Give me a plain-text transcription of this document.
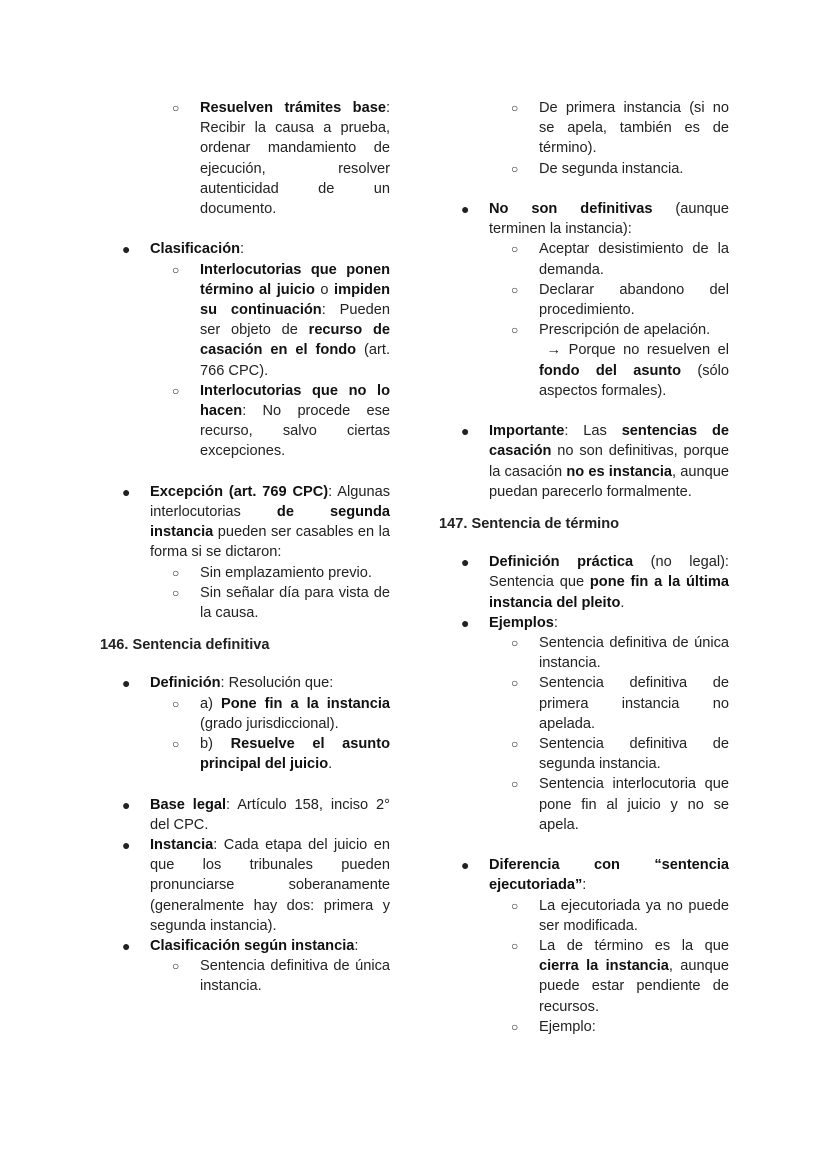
○ Resuelven trámites base: Recibir la causa a prueba, ordenar mandamiento de ejecución, resolver autenticidad de un documento.
● Clasificación:
○ Interlocutorias que ponen término al juicio o impiden su continuación: Pueden ser objeto de recurso de casación en el fondo (art. 766 CPC).
○ Interlocutorias que no lo hacen: No procede ese recurso, salvo ciertas excepciones.
● Excepción (art. 769 CPC): Algunas interlocutorias de segunda instancia pueden ser casables en la forma si se dictaron:
○ Sin emplazamiento previo.
○ Sin señalar día para vista de la causa.

146. Sentencia definitiva

● Definición: Resolución que:
○ a) Pone fin a la instancia (grado jurisdiccional).
○ b) Resuelve el asunto principal del juicio.
● Base legal: Artículo 158, inciso 2° del CPC.
● Instancia: Cada etapa del juicio en que los tribunales pueden pronunciarse soberanamente (generalmente hay dos: primera y segunda instancia).
● Clasificación según instancia:
○ Sentencia definitiva de única instancia.
○ De primera instancia (si no se apela, también es de término).
○ De segunda instancia.
● No son definitivas (aunque terminen la instancia):
○ Aceptar desistimiento de la demanda.
○ Declarar abandono del procedimiento.
○ Prescripción de apelación.
→ Porque no resuelven el fondo del asunto (sólo aspectos formales).
● Importante: Las sentencias de casación no son definitivas, porque la casación no es instancia, aunque puedan parecerlo formalmente.

147. Sentencia de término

● Definición práctica (no legal): Sentencia que pone fin a la última instancia del pleito.
● Ejemplos:
○ Sentencia definitiva de única instancia.
○ Sentencia definitiva de primera instancia no apelada.
○ Sentencia definitiva de segunda instancia.
○ Sentencia interlocutoria que pone fin al juicio y no se apela.
● Diferencia con “sentencia ejecutoriada”:
○ La ejecutoriada ya no puede ser modificada.
○ La de término es la que cierra la instancia, aunque puede estar pendiente de recursos.
○ Ejemplo:
